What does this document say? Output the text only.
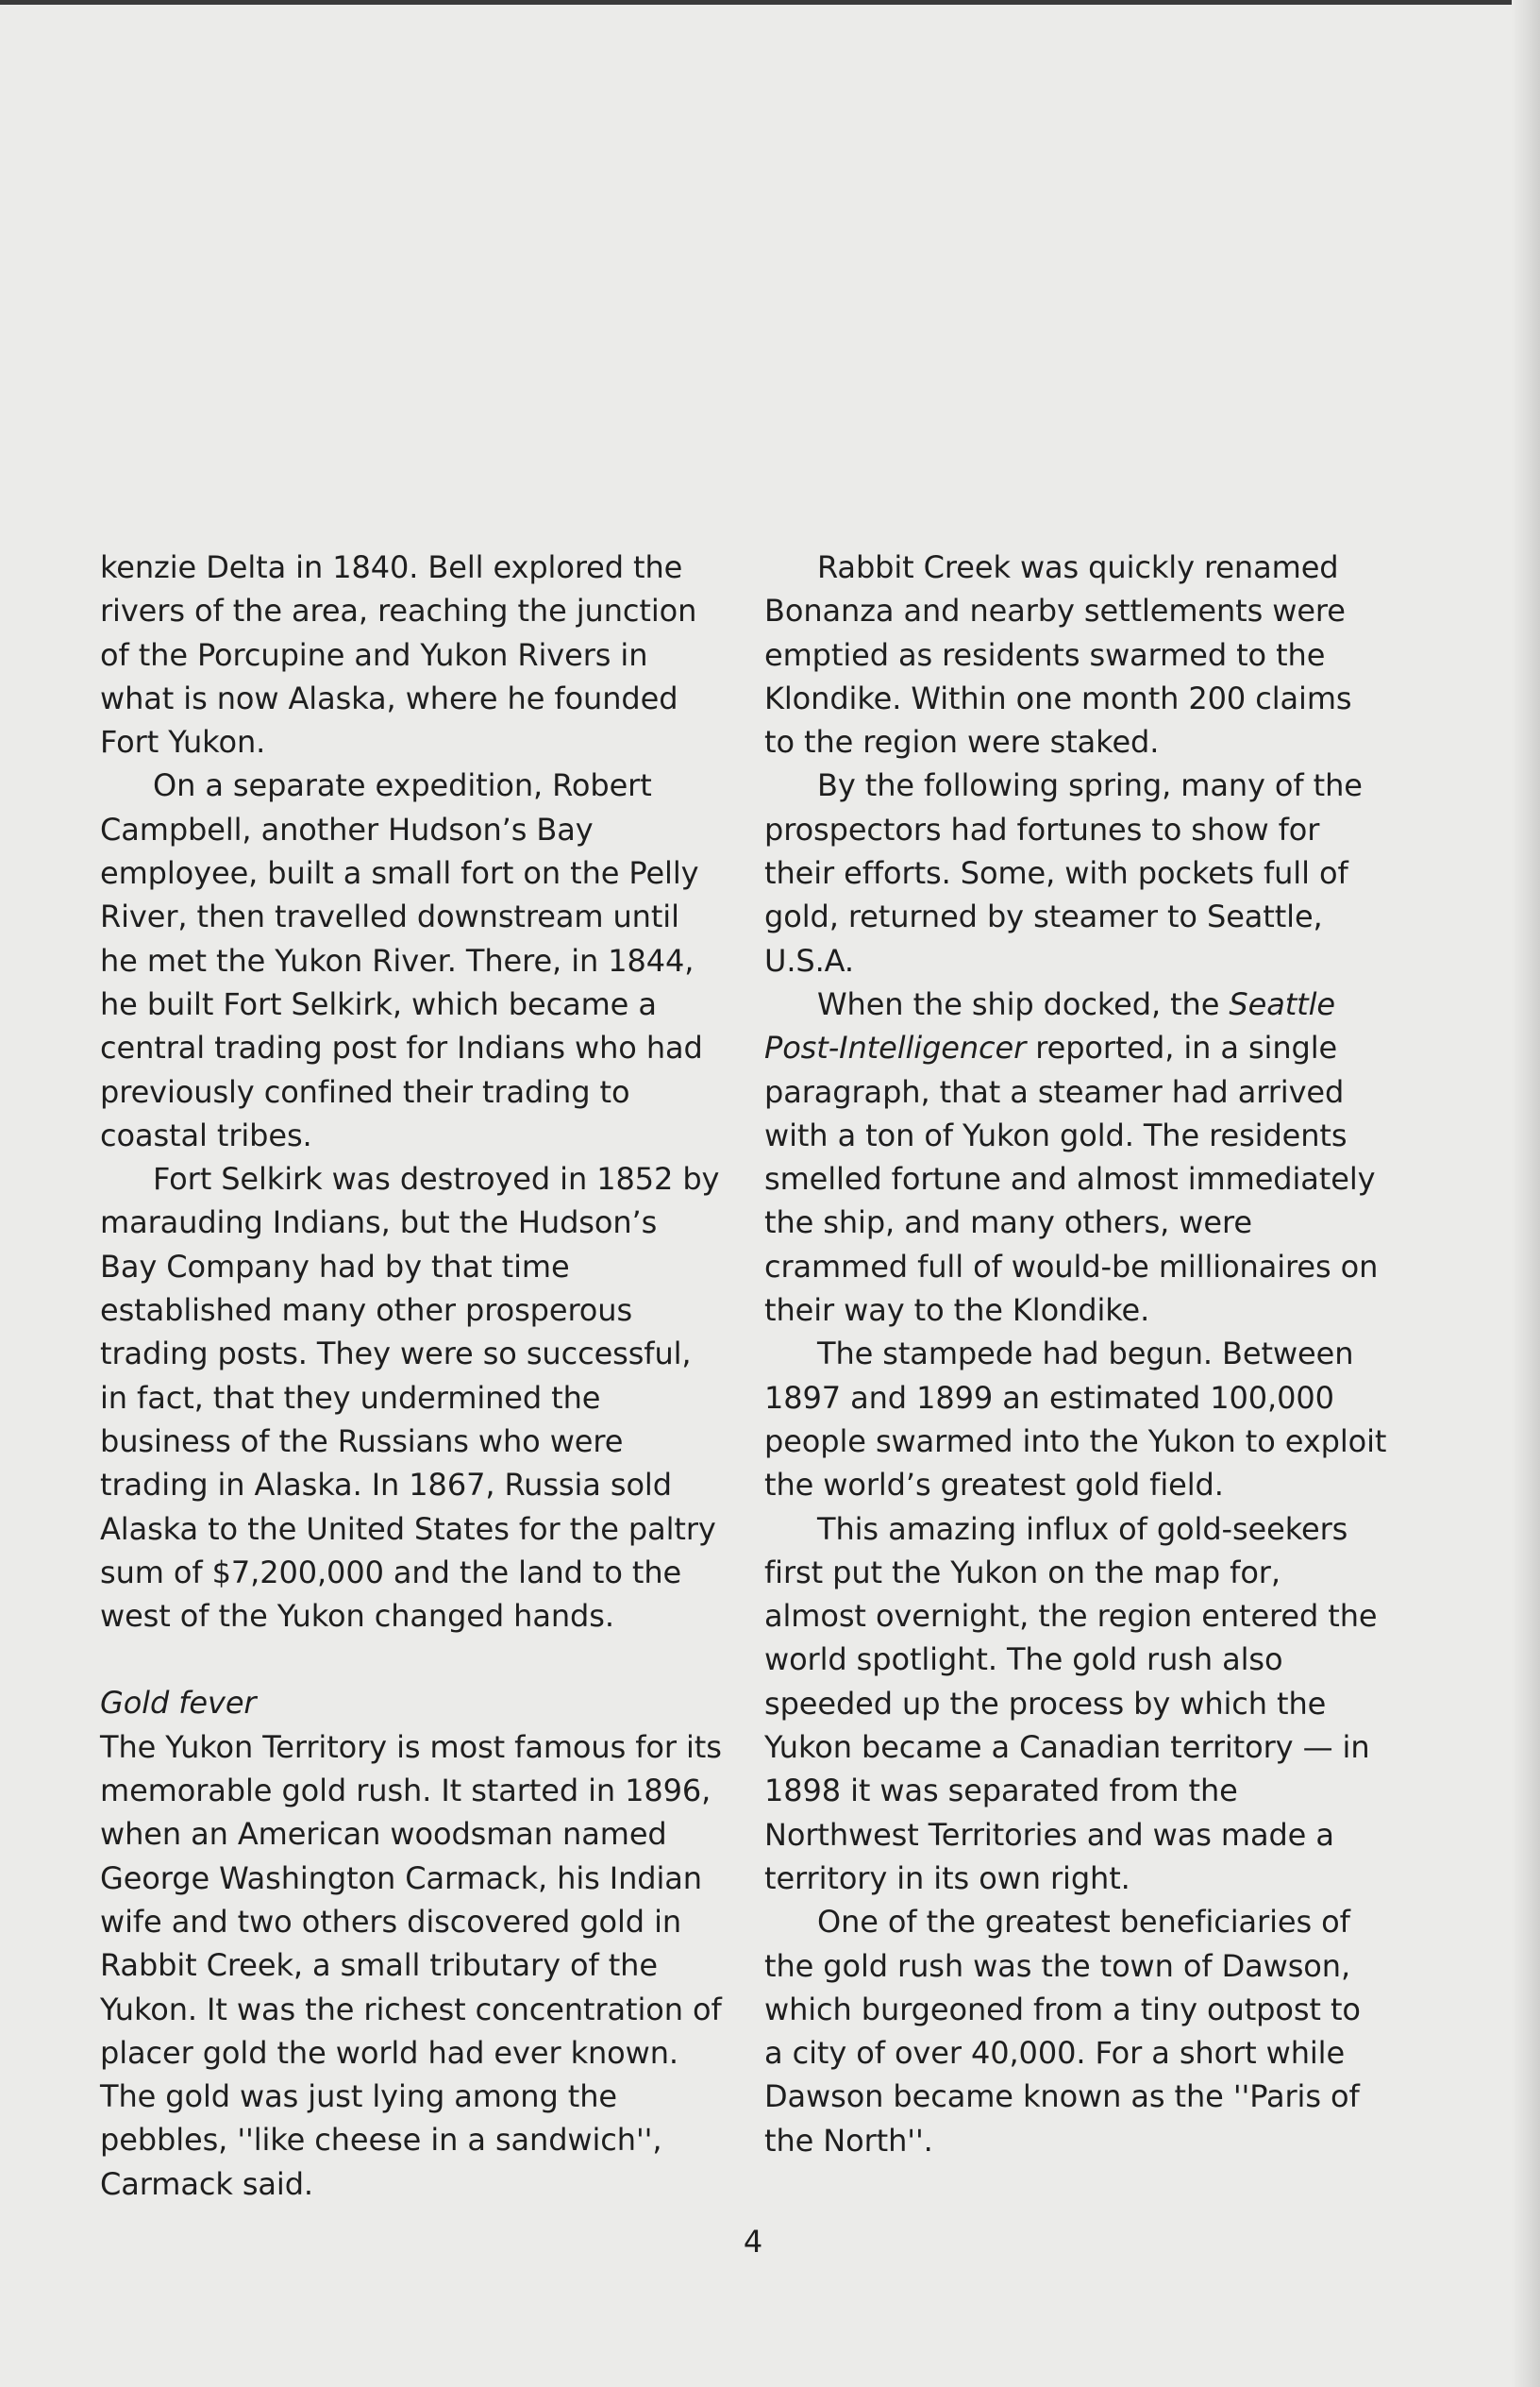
kenzie Delta in 1840. Bell explored the rivers of the area, reaching the junction of the Porcupine and Yukon Rivers in what is now Alaska, where he founded Fort Yukon.

On a separate expedition, Robert Campbell, another Hudson’s Bay employee, built a small fort on the Pelly River, then travelled downstream until he met the Yukon River. There, in 1844, he built Fort Selkirk, which became a central trading post for Indians who had previously confined their trading to coastal tribes.

Fort Selkirk was destroyed in 1852 by marauding Indians, but the Hudson’s Bay Company had by that time established many other prosperous trading posts. They were so successful, in fact, that they undermined the business of the Russians who were trading in Alaska. In 1867, Russia sold Alaska to the United States for the paltry sum of $7,200,000 and the land to the west of the Yukon changed hands.

Gold fever

The Yukon Territory is most famous for its memorable gold rush. It started in 1896, when an American woodsman named George Washington Carmack, his Indian wife and two others discovered gold in Rabbit Creek, a small tributary of the Yukon. It was the richest concentration of placer gold the world had ever known. The gold was just lying among the pebbles, ''like cheese in a sandwich'', Carmack said.

Rabbit Creek was quickly renamed Bonanza and nearby settlements were emptied as residents swarmed to the Klondike. Within one month 200 claims to the region were staked.

By the following spring, many of the prospectors had fortunes to show for their efforts. Some, with pockets full of gold, returned by steamer to Seattle, U.S.A.

When the ship docked, the Seattle Post-Intelligencer reported, in a single paragraph, that a steamer had arrived with a ton of Yukon gold. The residents smelled fortune and almost immediately the ship, and many others, were crammed full of would-be millionaires on their way to the Klondike.

The stampede had begun. Between 1897 and 1899 an estimated 100,000 people swarmed into the Yukon to exploit the world’s greatest gold field.

This amazing influx of gold-seekers first put the Yukon on the map for, almost overnight, the region entered the world spotlight. The gold rush also speeded up the process by which the Yukon became a Canadian territory — in 1898 it was separated from the Northwest Territories and was made a territory in its own right.

One of the greatest beneficiaries of the gold rush was the town of Dawson, which burgeoned from a tiny outpost to a city of over 40,000. For a short while Dawson became known as the ''Paris of the North''.

4
